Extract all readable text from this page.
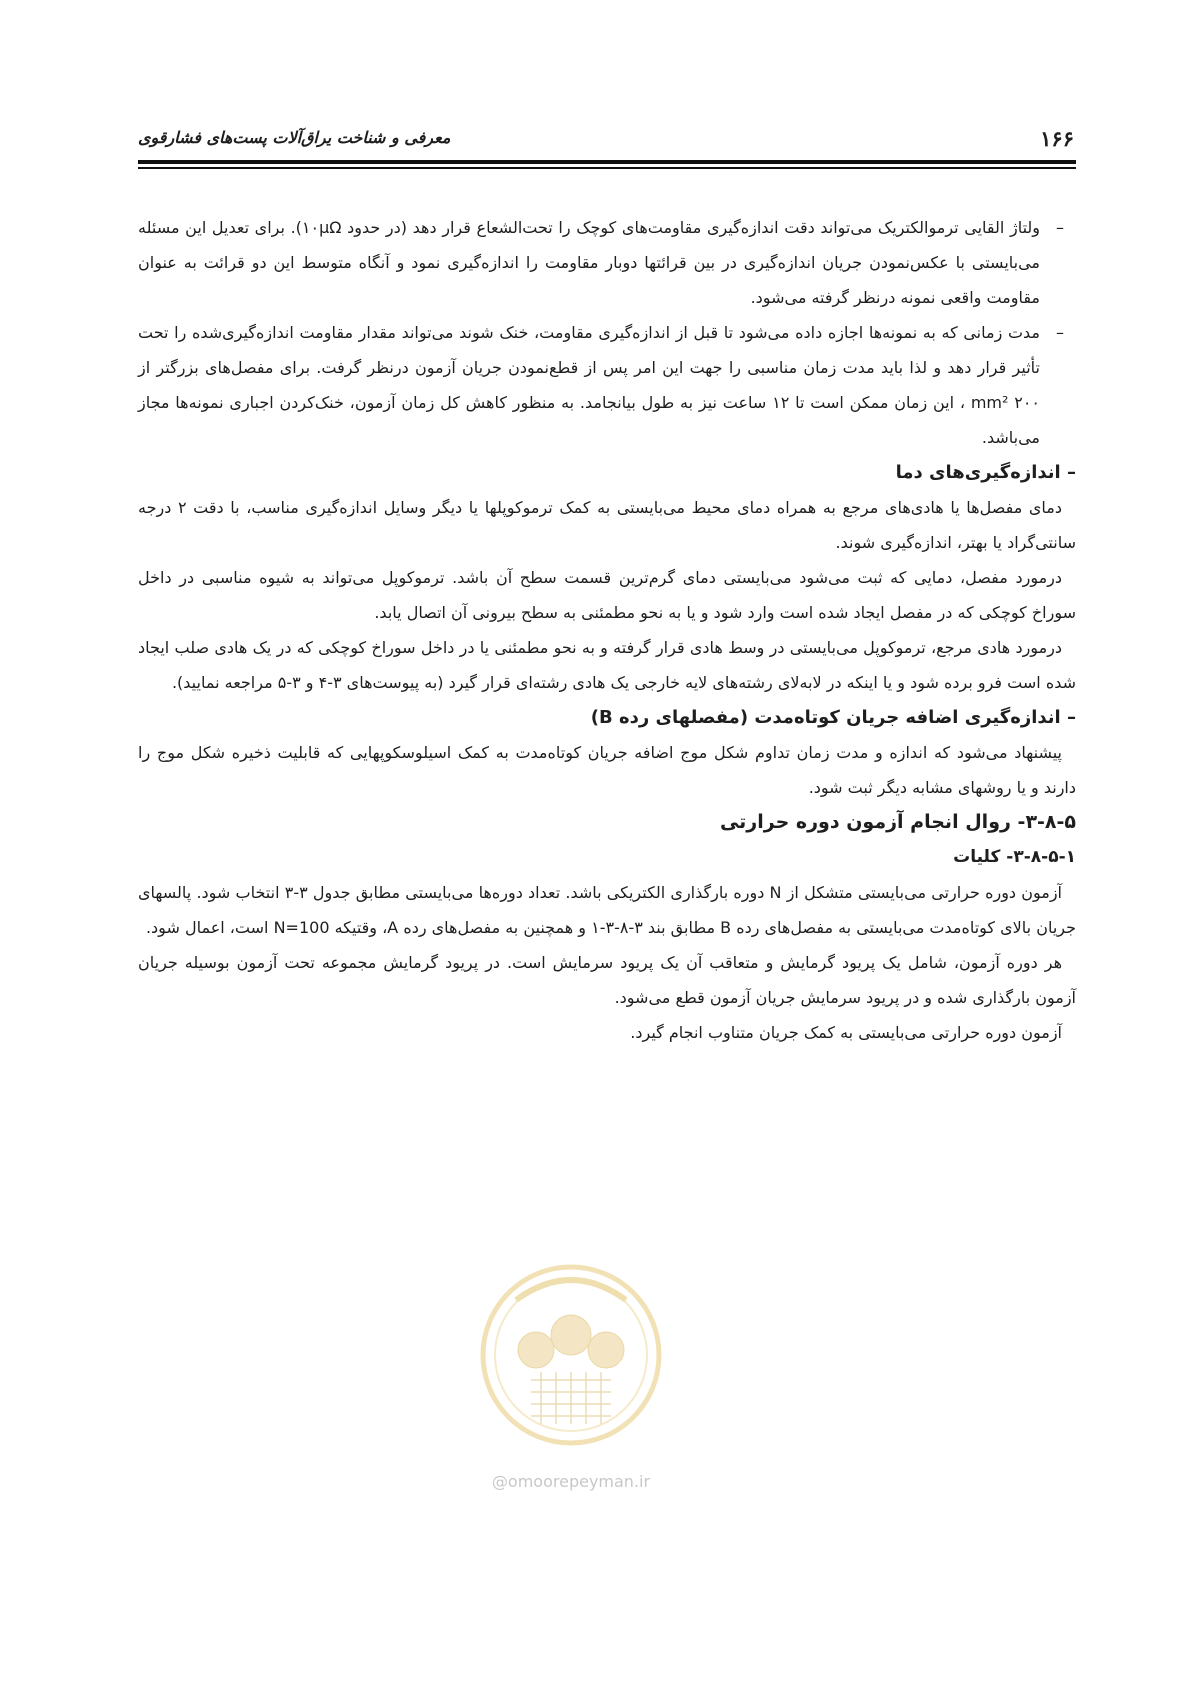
۱۶۶
معرفی و شناخت یراق‌آلات پست‌های فشارقوی
–
ولتاژ القایی ترموالکتریک می‌تواند دقت اندازه‌گیری مقاومت‌های کوچک را تحت‌الشعاع قرار دهد (در حدود ۱۰µΩ). برای تعدیل این مسئله می‌بایستی با عکس‌نمودن جریان اندازه‌گیری در بین قرائتها دوبار مقاومت را اندازه‌گیری نمود و آنگاه متوسط این دو قرائت به عنوان مقاومت واقعی نمونه درنظر گرفته می‌شود.
–
مدت زمانی که به نمونه‌ها اجازه داده می‌شود تا قبل از اندازه‌گیری مقاومت، خنک شوند می‌تواند مقدار مقاومت اندازه‌گیری‌شده را تحت تأثیر قرار دهد و لذا باید مدت زمان مناسبی را جهت این امر پس از قطع‌نمودن جریان آزمون درنظر گرفت. برای مفصل‌های بزرگتر از ۲۰۰ mm² ، این زمان ممکن است تا ۱۲ ساعت نیز به طول بیانجامد. به منظور کاهش کل زمان آزمون، خنک‌کردن اجباری نمونه‌ها مجاز می‌باشد.

– اندازه‌گیری‌های دما

دمای مفصل‌ها یا هادی‌های مرجع به همراه دمای محیط می‌بایستی به کمک ترموکوپلها یا دیگر وسایل اندازه‌گیری مناسب، با دقت ۲ درجه سانتی‌گراد یا بهتر، اندازه‌گیری شوند.

درمورد مفصل، دمایی که ثبت می‌شود می‌بایستی دمای گرم‌ترین قسمت سطح آن باشد. ترموکوپل می‌تواند به شیوه مناسبی در داخل سوراخ کوچکی که در مفصل ایجاد شده است وارد شود و یا به نحو مطمئنی به سطح بیرونی آن اتصال یابد.

درمورد هادی مرجع، ترموکوپل می‌بایستی در وسط هادی قرار گرفته و به نحو مطمئنی یا در داخل سوراخ کوچکی که در یک هادی صلب ایجاد شده است فرو برده شود و یا اینکه در لابه‌لای رشته‌های لایه خارجی یک هادی رشته‌ای قرار گیرد (به پیوست‌های ۳-۴ و ۳-۵ مراجعه نمایید).

– اندازه‌گیری اضافه جریان کوتاه‌مدت (مفصلهای رده B)

پیشنهاد می‌شود که اندازه و مدت زمان تداوم شکل موج اضافه جریان کوتاه‌مدت به کمک اسیلوسکوپهایی که قابلیت ذخیره شکل موج را دارند و یا روشهای مشابه دیگر ثبت شود.

۳-۸-۵- روال انجام آزمون دوره حرارتی

۳-۸-۵-۱- کلیات

آزمون دوره حرارتی می‌بایستی متشکل از N دوره بارگذاری الکتریکی باشد. تعداد دوره‌ها می‌بایستی مطابق جدول ۳-۳ انتخاب شود. پالسهای جریان بالای کوتاه‌مدت می‌بایستی به مفصل‌های رده B مطابق بند ۳-۸-۳-۱ و همچنین به مفصل‌های رده A، وقتیکه N=100 است، اعمال شود.

هر دوره آزمون، شامل یک پریود گرمایش و متعاقب آن یک پریود سرمایش است. در پریود گرمایش مجموعه تحت آزمون بوسیله جریان آزمون بارگذاری شده و در پریود سرمایش جریان آزمون قطع می‌شود.

آزمون دوره حرارتی می‌بایستی به کمک جریان متناوب انجام گیرد.

@omoorepeyman.ir
